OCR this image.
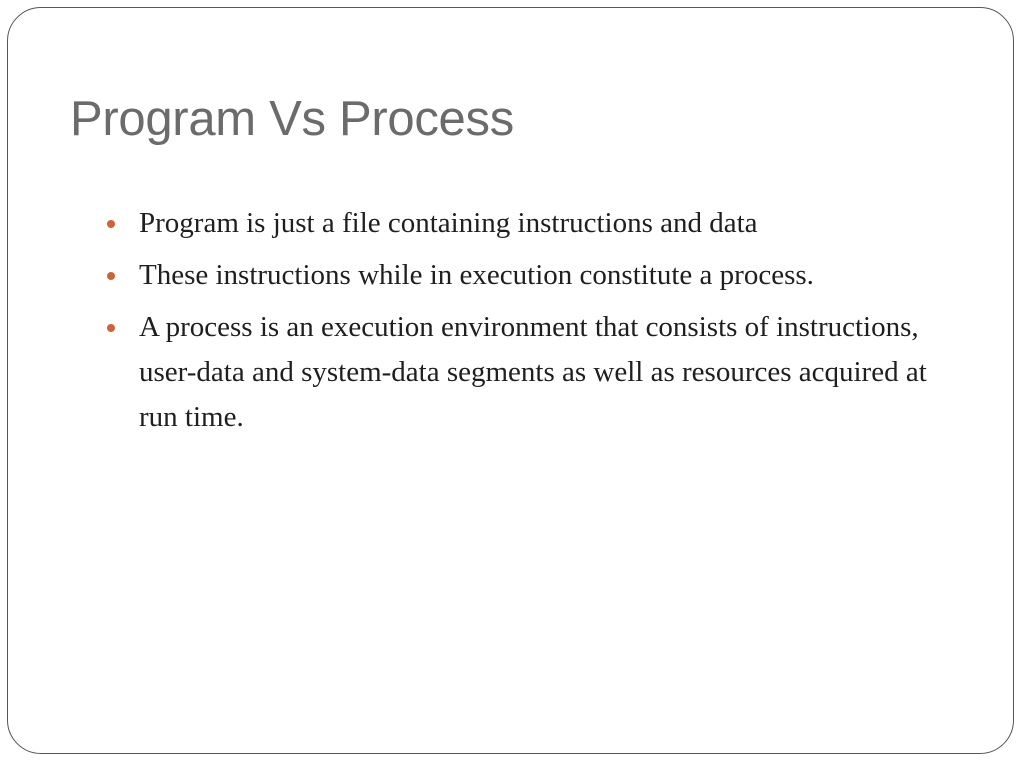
Program Vs Process
Program is just a file containing instructions and data
These instructions while in execution constitute a process.
A process is an execution environment that consists of instructions, user-data and system-data segments as well as resources acquired at run time.
